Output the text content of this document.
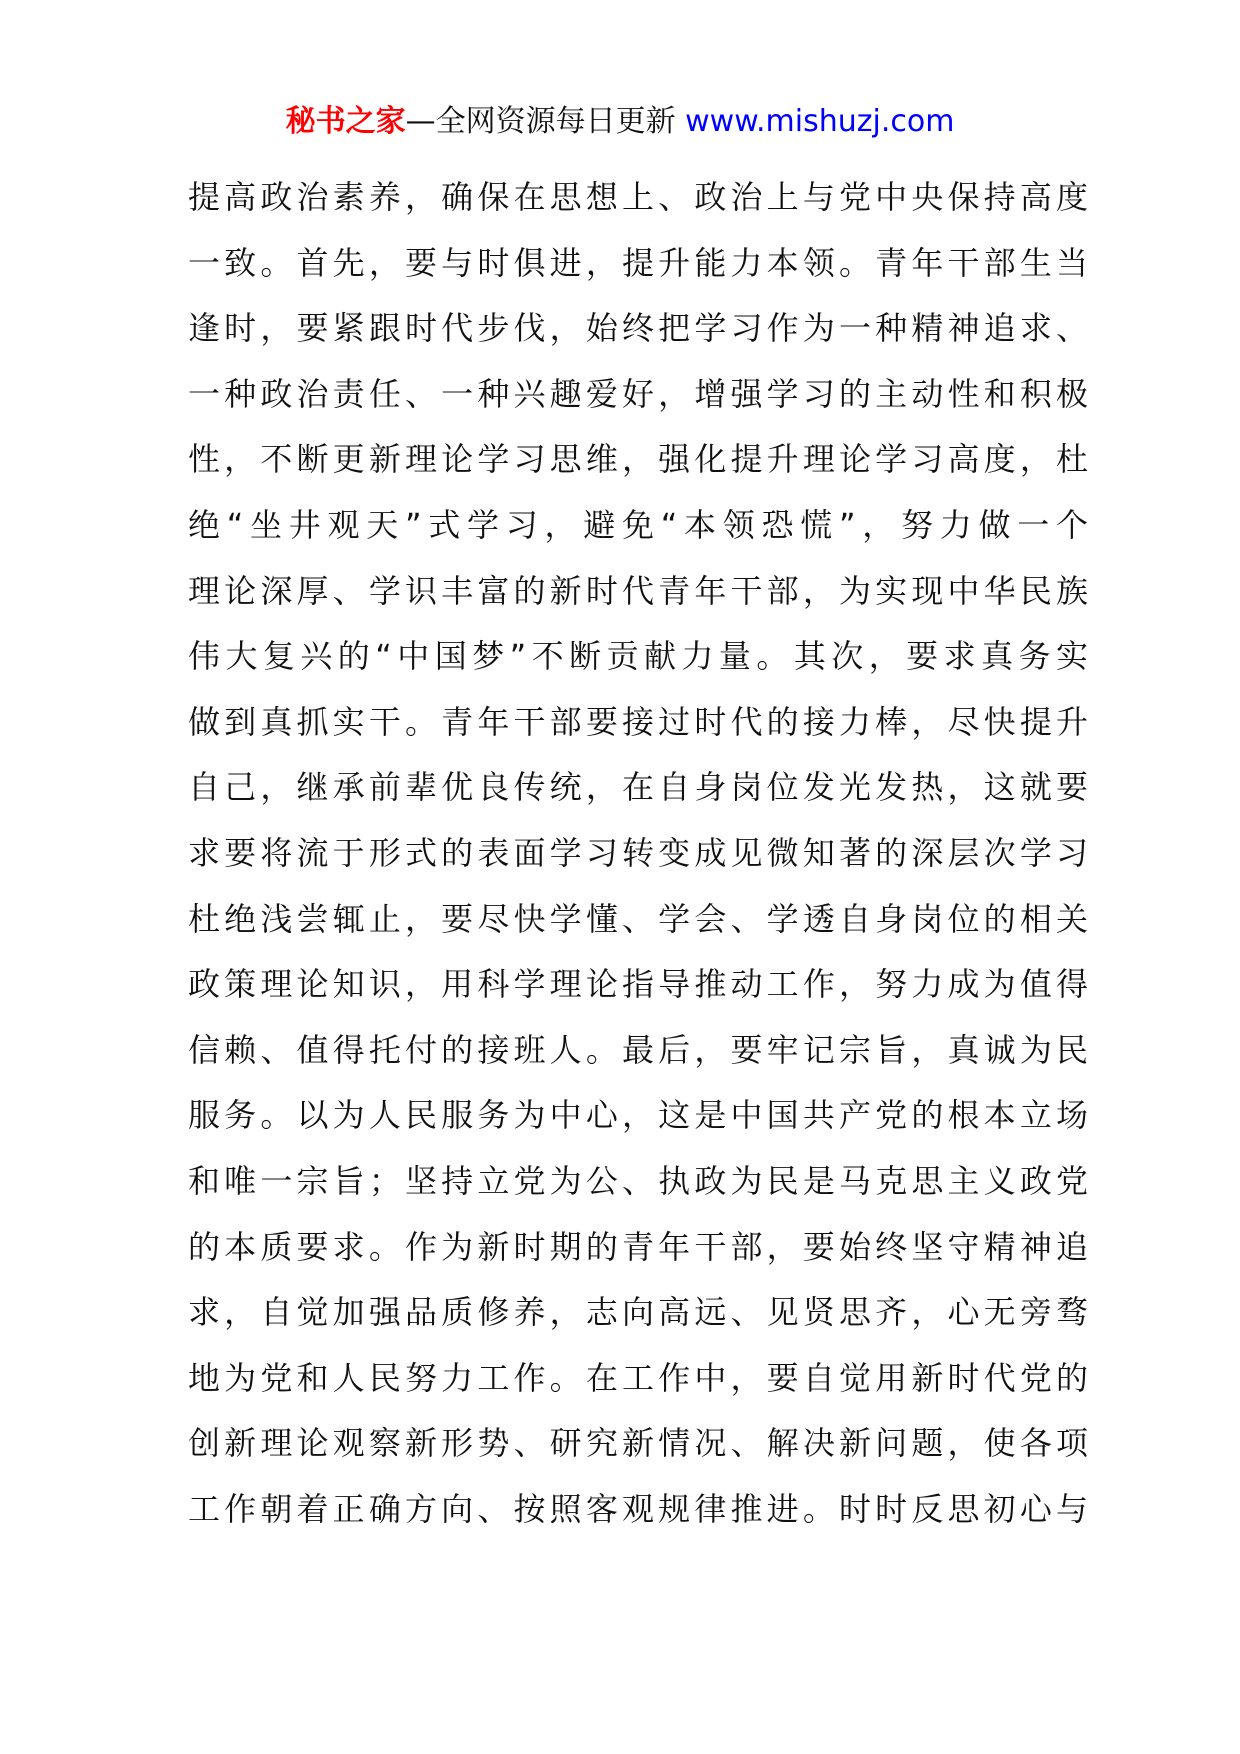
秘书之家—全网资源每日更新 www.mishuzj.com
提高政治素养，确保在思想上、政治上与党中央保持高度
一致。首先，要与时俱进，提升能力本领。青年干部生当
逢时，要紧跟时代步伐，始终把学习作为一种精神追求、
一种政治责任、一种兴趣爱好，增强学习的主动性和积极
性，不断更新理论学习思维，强化提升理论学习高度，杜
绝“坐井观天”式学习，避免“本领恐慌”，努力做一个
理论深厚、学识丰富的新时代青年干部，为实现中华民族
伟大复兴的“中国梦”不断贡献力量。其次，要求真务实
做到真抓实干。青年干部要接过时代的接力棒，尽快提升
自己，继承前辈优良传统，在自身岗位发光发热，这就要
求要将流于形式的表面学习转变成见微知著的深层次学习
杜绝浅尝辄止，要尽快学懂、学会、学透自身岗位的相关
政策理论知识，用科学理论指导推动工作，努力成为值得
信赖、值得托付的接班人。最后，要牢记宗旨，真诚为民
服务。以为人民服务为中心，这是中国共产党的根本立场
和唯一宗旨；坚持立党为公、执政为民是马克思主义政党
的本质要求。作为新时期的青年干部，要始终坚守精神追
求，自觉加强品质修养，志向高远、见贤思齐，心无旁骛
地为党和人民努力工作。在工作中，要自觉用新时代党的
创新理论观察新形势、研究新情况、解决新问题，使各项
工作朝着正确方向、按照客观规律推进。时时反思初心与
